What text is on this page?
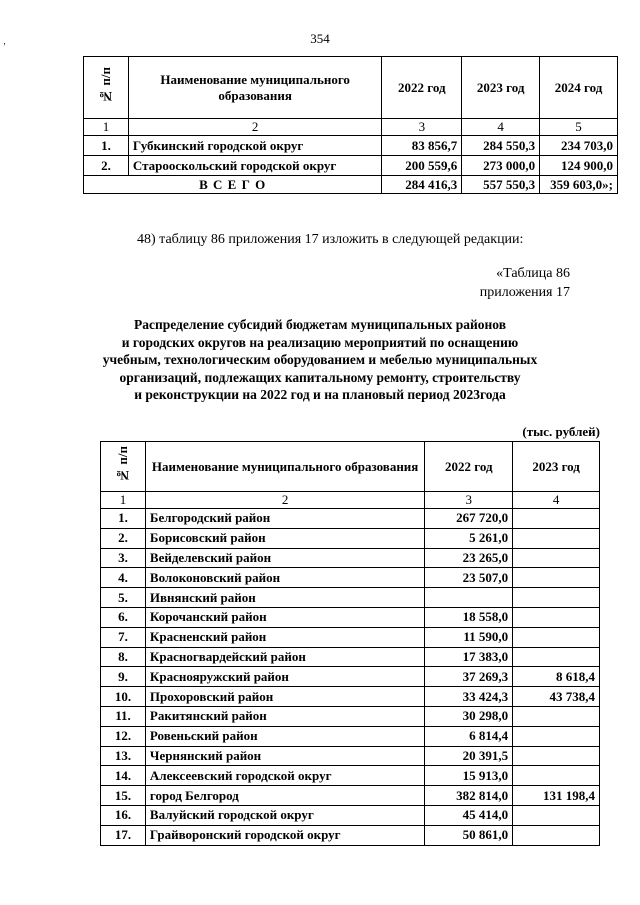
‚	354
№ п/п	Наименование муниципального образования	2022 год	2023 год	2024 год
1	2	3	4	5
1.	Губкинский городской округ	83 856,7	284 550,3	234 703,0
2.	Старооскольский городской округ	200 559,6	273 000,0	124 900,0
В С Е Г О		284 416,3	557 550,3	359 603,0»;
48) таблицу 86 приложения 17 изложить в следующей редакции:
«Таблица 86
приложения 17
Распределение субсидий бюджетам муниципальных районов
и городских округов на реализацию мероприятий по оснащению
учебным, технологическим оборудованием и мебелью муниципальных
организаций, подлежащих капитальному ремонту, строительству
и реконструкции на 2022 год и на плановый период 2023года
(тыс. рублей)
№ п/п	Наименование муниципального образования	2022 год	2023 год
1	2	3	4
1.	Белгородский район	267 720,0	
2.	Борисовский район	5 261,0	
3.	Вейделевский район	23 265,0	
4.	Волоконовский район	23 507,0	
5.	Ивнянский район		
6.	Корочанский район	18 558,0	
7.	Красненский район	11 590,0	
8.	Красногвардейский район	17 383,0	
9.	Краснояружский район	37 269,3	8 618,4
10.	Прохоровский район	33 424,3	43 738,4
11.	Ракитянский район	30 298,0	
12.	Ровеньский район	6 814,4	
13.	Чернянский район	20 391,5	
14.	Алексеевский городской округ	15 913,0	
15.	город Белгород	382 814,0	131 198,4
16.	Валуйский городской округ	45 414,0	
17.	Грайворонский городской округ	50 861,0	
